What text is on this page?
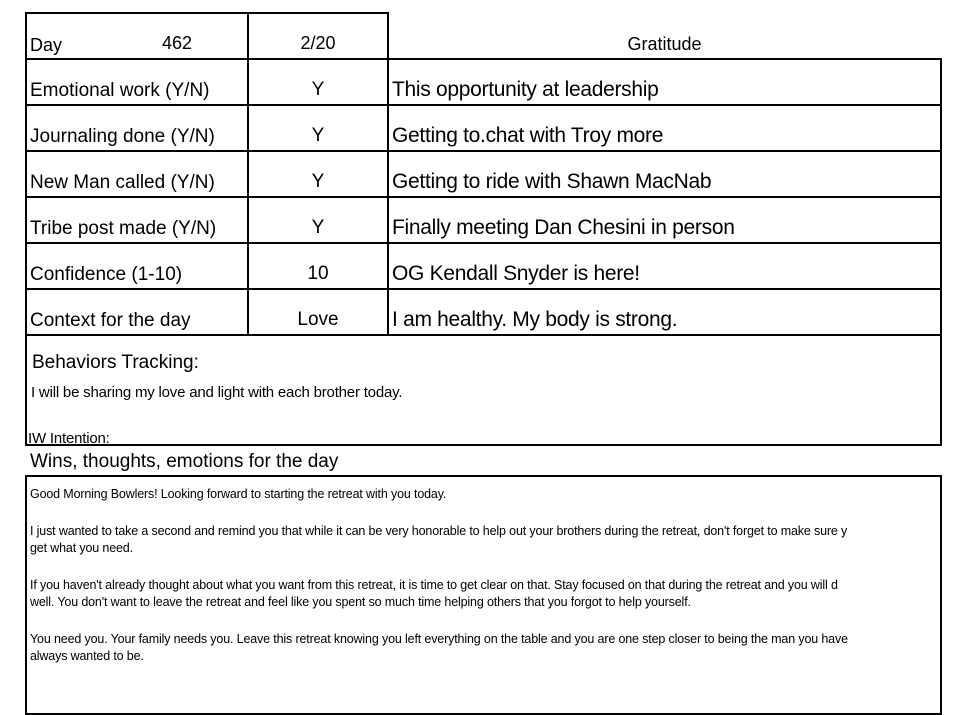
Day	462	2/20	Gratitude
Emotional work (Y/N)	Y	This opportunity at leadership
Journaling done (Y/N)	Y	Getting to.chat with Troy more
New Man called (Y/N)	Y	Getting to ride with Shawn MacNab
Tribe post made (Y/N)	Y	Finally meeting Dan Chesini in person
Confidence (1-10)	10	OG Kendall Snyder is here!
Context for the day	Love	I am healthy. My body is strong.
Behaviors Tracking:
I will be sharing my love and light with each brother today.
IW Intention:
Wins, thoughts, emotions for the day
Good Morning Bowlers! Looking forward to starting the retreat with you today.
I just wanted to take a second and remind you that while it can be very honorable to help out your brothers during the retreat, don't forget to make sure y
get what you need.
If you haven't already thought about what you want from this retreat, it is time to get clear on that. Stay focused on that during the retreat and you will d
well. You don't want to leave the retreat and feel like you spent so much time helping others that you forgot to help yourself.
You need you. Your family needs you. Leave this retreat knowing you left everything on the table and you are one step closer to being the man you have
always wanted to be.
